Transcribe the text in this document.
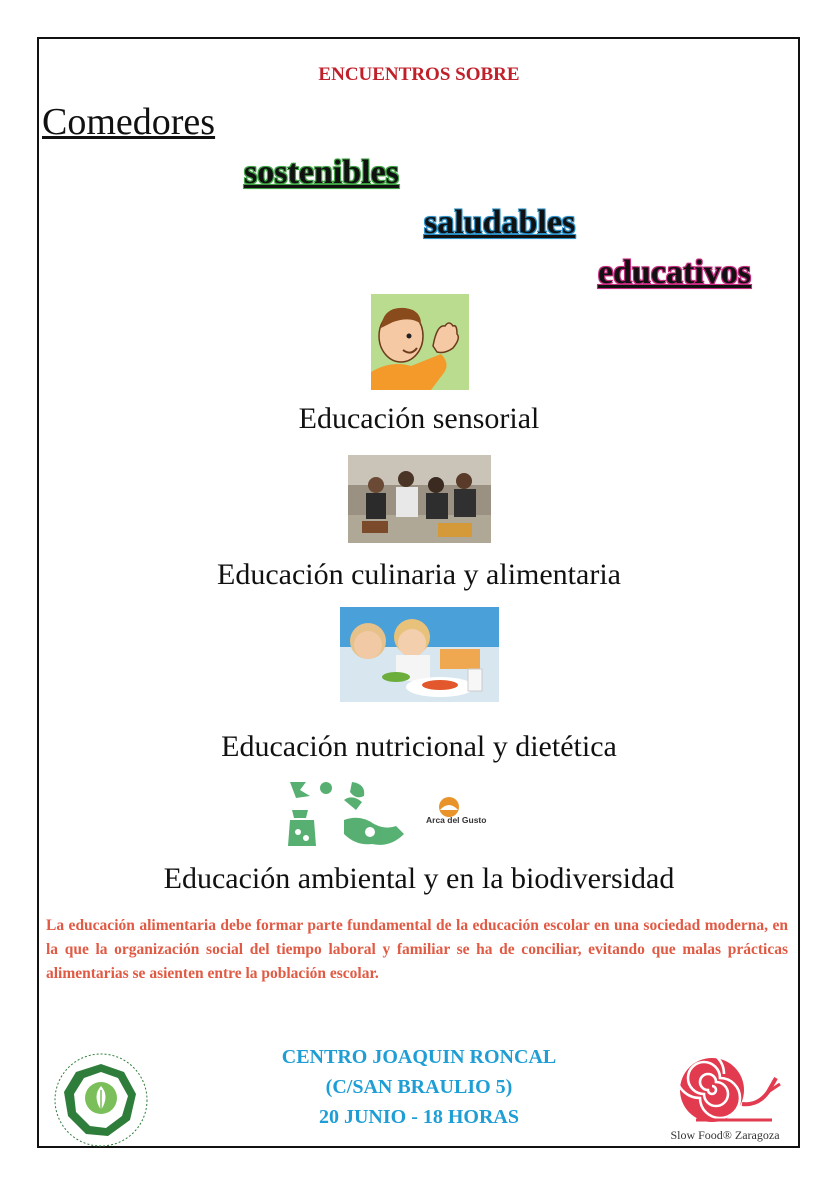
ENCUENTROS SOBRE
Comedores
sostenibles
saludables
educativos
Educación sensorial
Educación culinaria y alimentaria
Educación nutricional y dietética
Arca del Gusto
Educación ambiental y en la biodiversidad
La educación alimentaria debe formar parte fundamental de la educación escolar en una sociedad moderna, en la que la organización social del tiempo laboral y familiar se ha de conciliar, evitando que malas prácticas alimentarias se asienten entre la población escolar.
CENTRO JOAQUIN RONCAL
(C/SAN BRAULIO 5)
20 JUNIO - 18 HORAS
Slow Food® Zaragoza
